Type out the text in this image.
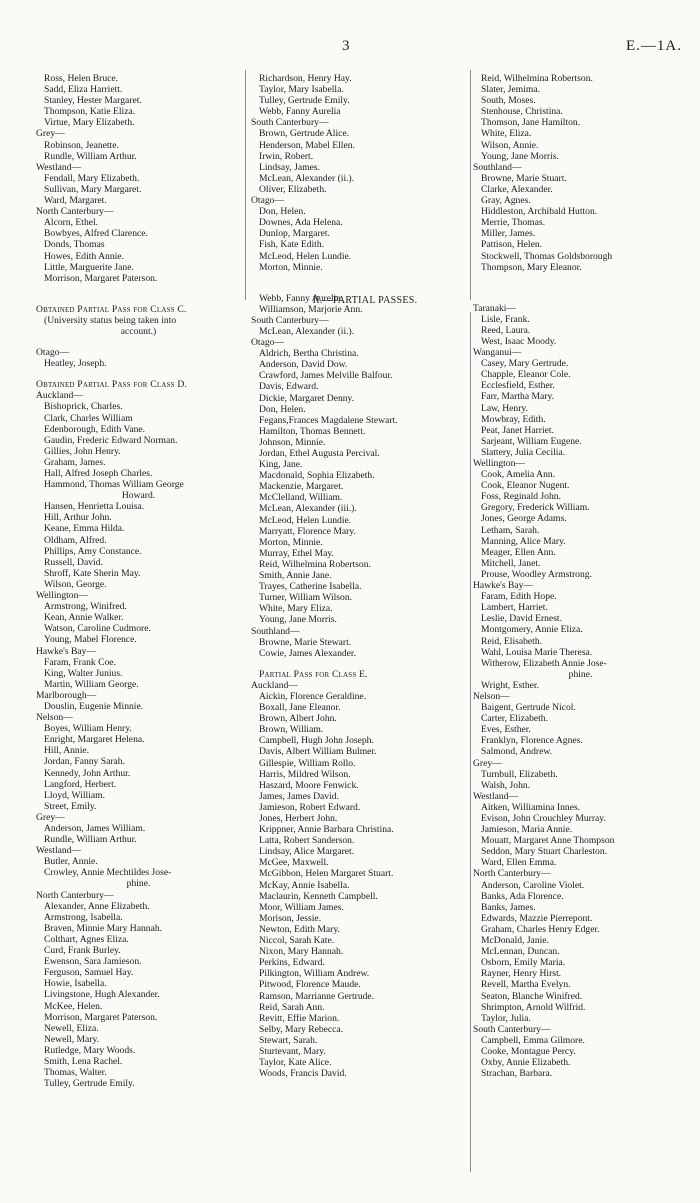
3	E.—1A.
II.—PARTIAL PASSES.
Ross, Helen Bruce.
Sadd, Eliza Harriett.
Stanley, Hester Margaret.
Thompson, Katie Eliza.
Virtue, Mary Elizabeth.
Grey—
Robinson, Jeanette.
Rundle, William Arthur.
Westland—
Fendall, Mary Elizabeth.
Sullivan, Mary Margaret.
Ward, Margaret.
North Canterbury—
Alcorn, Ethel.
Bowbyes, Alfred Clarence.
Donds, Thomas
Howes, Edith Annie.
Little, Marguerite Jane.
Morrison, Margaret Paterson.
Obtained Partial Pass for Class C.
(University status being taken into
account.)
Otago—
Heatley, Joseph.
Obtained Partial Pass for Class D.
Auckland—
Bishoprick, Charles.
Clark, Charles William
Edenborough, Edith Vane.
Gaudin, Frederic Edward Norman.
Gillies, John Henry.
Graham, James.
Hall, Alfred Joseph Charles.
Hammond, Thomas William George
Howard.
Hansen, Henrietta Louisa.
Hill, Arthur John.
Keane, Emma Hilda.
Oldham, Alfred.
Phillips, Amy Constance.
Russell, David.
Shroff, Kate Sherin May.
Wilson, George.
Wellington—
Armstrong, Winifred.
Kean, Annie Walker.
Watson, Caroline Cudmore.
Young, Mabel Florence.
Hawke's Bay—
Faram, Frank Coe.
King, Walter Junius.
Martin, William George.
Marlborough—
Douslin, Eugenie Minnie.
Nelson—
Boyes, William Henry.
Enright, Margaret Helena.
Hill, Annie.
Jordan, Fanny Sarah.
Kennedy, John Arthur.
Langford, Herbert.
Lloyd, William.
Street, Emily.
Grey—
Anderson, James William.
Rundle, William Arthur.
Westland—
Butler, Annie.
Crowley, Annie Mechtildes Jose-
phine.
North Canterbury—
Alexander, Anne Elizabeth.
Armstrong, Isabella.
Braven, Minnie Mary Hannah.
Colthart, Agnes Eliza.
Curd, Frank Burley.
Ewenson, Sara Jamieson.
Ferguson, Samuel Hay.
Howie, Isabella.
Livingstone, Hugh Alexander.
McKee, Helen.
Morrison, Margaret Paterson.
Newell, Eliza.
Newell, Mary.
Rutledge, Mary Woods.
Smith, Lena Rachel.
Thomas, Walter.
Tulley, Gertrude Emily.
Richardson, Henry Hay.
Taylor, Mary Isabella.
Tulley, Gertrude Emily.
Webb, Fanny Aurelia
South Canterbury—
Brown, Gertrude Alice.
Henderson, Mabel Ellen.
Irwin, Robert.
Lindsay, James.
McLean, Alexander (ii.).
Oliver, Elizabeth.
Otago—
Don, Helen.
Downes, Ada Helena.
Dunlop, Margaret.
Fish, Kate Edith.
McLeod, Helen Lundie.
Morton, Minnie.
Webb, Fanny Aurelia.
Williamson, Marjorie Ann.
South Canterbury—
McLean, Alexander (ii.).
Otago—
Aldrich, Bertha Christina.
Anderson, David Dow.
Crawford, James Melville Balfour.
Davis, Edward.
Dickie, Margaret Denny.
Don, Helen.
Fegans,Frances Magdalene Stewart.
Hamilton, Thomas Bennett.
Johnson, Minnie.
Jordan, Ethel Augusta Percival.
King, Jane.
Macdonald, Sophia Elizabeth.
Mackenzie, Margaret.
McClelland, William.
McLean, Alexander (iii.).
McLeod, Helen Lundie.
Marryatt, Florence Mary.
Morton, Minnie.
Murray, Ethel May.
Reid, Wilhelmina Robertson.
Smith, Annie Jane.
Trayes, Catherine Isabella.
Turner, William Wilson.
White, Mary Eliza.
Young, Jane Morris.
Southland—
Browne, Marie Stewart.
Cowie, James Alexander.
Partial Pass for Class E.
Auckland—
Aickin, Florence Geraldine.
Boxall, Jane Eleanor.
Brown, Albert John.
Brown, William.
Campbell, Hugh John Joseph.
Davis, Albert William Bulmer.
Gillespie, William Rollo.
Harris, Mildred Wilson.
Haszard, Moore Fenwick.
James, James David.
Jamieson, Robert Edward.
Jones, Herbert John.
Krippner, Annie Barbara Christina.
Latta, Robert Sanderson.
Lindsay, Alice Margaret.
McGee, Maxwell.
McGibbon, Helen Margaret Stuart.
McKay, Annie Isabella.
Maclaurin, Kenneth Campbell.
Moor, William James.
Morison, Jessie.
Newton, Edith Mary.
Niccol, Sarah Kate.
Nixon, Mary Hannah.
Perkins, Edward.
Pilkington, William Andrew.
Pitwood, Florence Maude.
Ramson, Marrianne Gertrude.
Reid, Sarah Ann.
Revitt, Effie Marion.
Selby, Mary Rebecca.
Stewart, Sarah.
Sturtevant, Mary.
Taylor, Kate Alice.
Woods, Francis David.
Reid, Wilhelmina Robertson.
Slater, Jemima.
South, Moses.
Stenhouse, Christina.
Thomson, Jane Hamilton.
White, Eliza.
Wilson, Annie.
Young, Jane Morris.
Southland—
Browne, Marie Stuart.
Clarke, Alexander.
Gray, Agnes.
Hiddleston, Archibald Hutton.
Merrie, Thomas.
Miller, James.
Pattison, Helen.
Stockwell, Thomas Goldsborough
Thompson, Mary Eleanor.
Taranaki—
Lisle, Frank.
Reed, Laura.
West, Isaac Moody.
Wanganui—
Casey, Mary Gertrude.
Chapple, Eleanor Cole.
Ecclesfield, Esther.
Farr, Martha Mary.
Law, Henry.
Mowbray, Edith.
Peat, Janet Harriet.
Sarjeant, William Eugene.
Slattery, Julia Cecilia.
Wellington—
Cook, Amelia Ann.
Cook, Eleanor Nugent.
Foss, Reginald John.
Gregory, Frederick William.
Jones, George Adams.
Letham, Sarah.
Manning, Alice Mary.
Meager, Ellen Ann.
Mitchell, Janet.
Prouse, Woodley Armstrong.
Hawke's Bay—
Faram, Edith Hope.
Lambert, Harriet.
Leslie, David Ernest.
Montgomery, Annie Eliza.
Reid, Elisabeth.
Wahl, Louisa Marie Theresa.
Witherow, Elizabeth Annie Jose-
phine.
Wright, Esther.
Nelson—
Baigent, Gertrude Nicol.
Carter, Elizabeth.
Eves, Esther.
Franklyn, Florence Agnes.
Salmond, Andrew.
Grey—
Turnbull, Elizabeth.
Walsh, John.
Westland—
Aitken, Williamina Innes.
Evison, John Crouchley Murray.
Jamieson, Maria Annie.
Mouatt, Margaret Anne Thompson
Seddon, Mary Stuart Charleston.
Ward, Ellen Emma.
North Canterbury—
Anderson, Caroline Violet.
Banks, Ada Florence.
Banks, James.
Edwards, Mazzie Pierrepont.
Graham, Charles Henry Edger.
McDonald, Janie.
McLennan, Duncan.
Osborn, Emily Maria.
Rayner, Henry Hirst.
Revell, Martha Evelyn.
Seaton, Blanche Winifred.
Shrimpton, Arnold Wilfrid.
Taylor, Julia.
South Canterbury—
Campbell, Emma Gilmore.
Cooke, Montague Percy.
Oxby, Annie Elizabeth.
Strachan, Barbara.
